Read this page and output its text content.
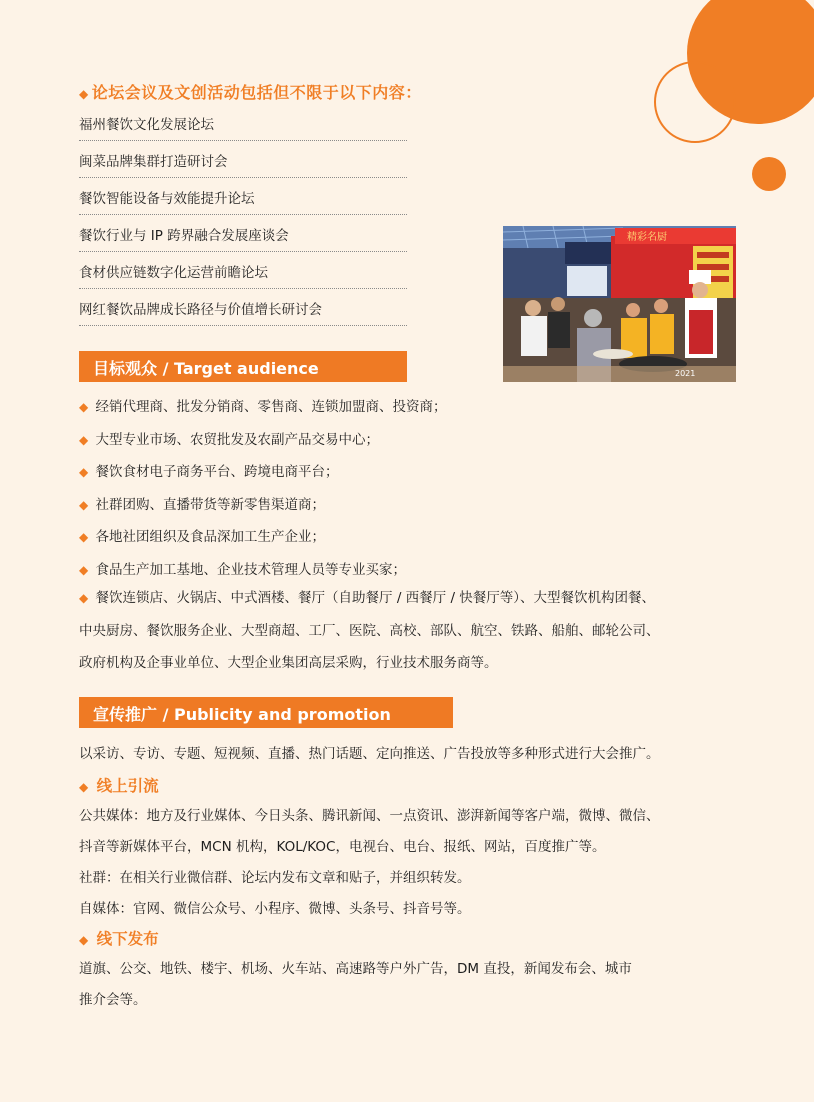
◆ 论坛会议及文创活动包括但不限于以下内容：
福州餐饮文化发展论坛
闽菜品牌集群打造研讨会
餐饮智能设备与效能提升论坛
餐饮行业与 IP 跨界融合发展座谈会
食材供应链数字化运营前瞻论坛
网红餐饮品牌成长路径与价值增长研讨会
精彩名厨
2021
目标观众 / Target audience
◆ 经销代理商、批发分销商、零售商、连锁加盟商、投资商；
◆ 大型专业市场、农贸批发及农副产品交易中心；
◆ 餐饮食材电子商务平台、跨境电商平台；
◆ 社群团购、直播带货等新零售渠道商；
◆ 各地社团组织及食品深加工生产企业；
◆ 食品生产加工基地、企业技术管理人员等专业买家；
◆ 餐饮连锁店、火锅店、中式酒楼、餐厅（自助餐厅 / 西餐厅 / 快餐厅等）、大型餐饮机构团餐、
中央厨房、餐饮服务企业、大型商超、工厂、医院、高校、部队、航空、铁路、船舶、邮轮公司、
政府机构及企事业单位、大型企业集团高层采购，行业技术服务商等。
宣传推广 / Publicity and promotion
以采访、专访、专题、短视频、直播、热门话题、定向推送、广告投放等多种形式进行大会推广。
◆ 线上引流
公共媒体：地方及行业媒体、今日头条、腾讯新闻、一点资讯、澎湃新闻等客户端，微博、微信、
抖音等新媒体平台，MCN 机构，KOL/KOC，电视台、电台、报纸、网站，百度推广等。
社群：在相关行业微信群、论坛内发布文章和贴子，并组织转发。
自媒体：官网、微信公众号、小程序、微博、头条号、抖音号等。
◆ 线下发布
道旗、公交、地铁、楼宇、机场、火车站、高速路等户外广告，DM 直投，新闻发布会、城市
推介会等。
